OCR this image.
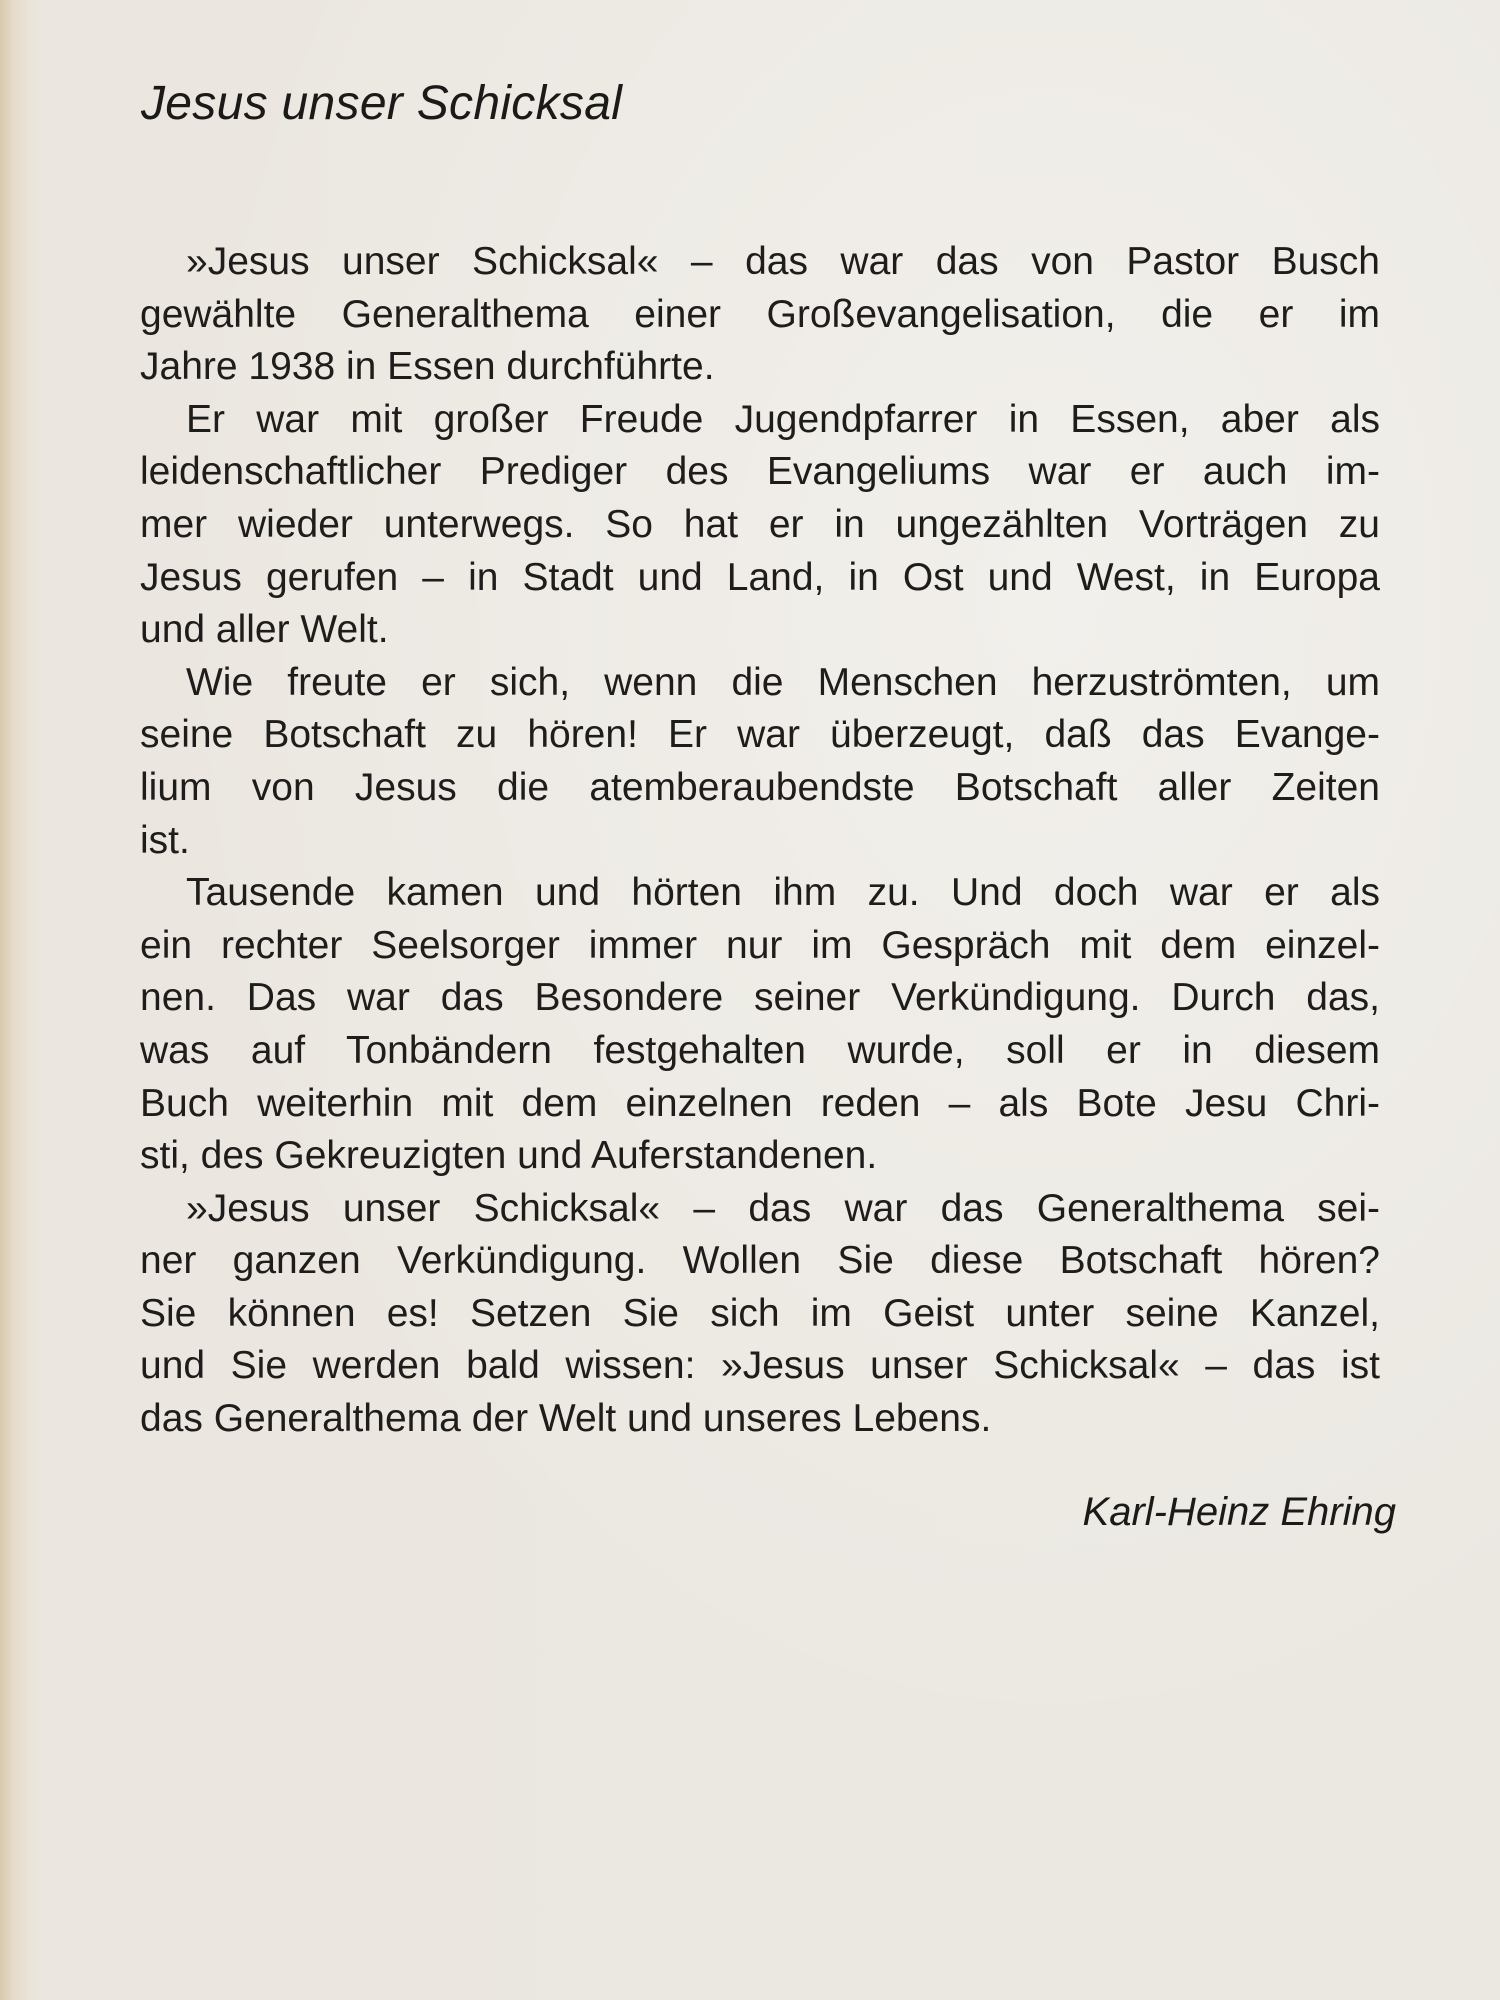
Jesus unser Schicksal
»Jesus unser Schicksal« – das war das von Pastor Busch
gewählte Generalthema einer Großevangelisation, die er im
Jahre 1938 in Essen durchführte.
Er war mit großer Freude Jugendpfarrer in Essen, aber als
leidenschaftlicher Prediger des Evangeliums war er auch im-
mer wieder unterwegs. So hat er in ungezählten Vorträgen zu
Jesus gerufen – in Stadt und Land, in Ost und West, in Europa
und aller Welt.
Wie freute er sich, wenn die Menschen herzuströmten, um
seine Botschaft zu hören! Er war überzeugt, daß das Evange-
lium von Jesus die atemberaubendste Botschaft aller Zeiten
ist.
Tausende kamen und hörten ihm zu. Und doch war er als
ein rechter Seelsorger immer nur im Gespräch mit dem einzel-
nen. Das war das Besondere seiner Verkündigung. Durch das,
was auf Tonbändern festgehalten wurde, soll er in diesem
Buch weiterhin mit dem einzelnen reden – als Bote Jesu Chri-
sti, des Gekreuzigten und Auferstandenen.
»Jesus unser Schicksal« – das war das Generalthema sei-
ner ganzen Verkündigung. Wollen Sie diese Botschaft hören?
Sie können es! Setzen Sie sich im Geist unter seine Kanzel,
und Sie werden bald wissen: »Jesus unser Schicksal« – das ist
das Generalthema der Welt und unseres Lebens.

Karl-Heinz Ehring
